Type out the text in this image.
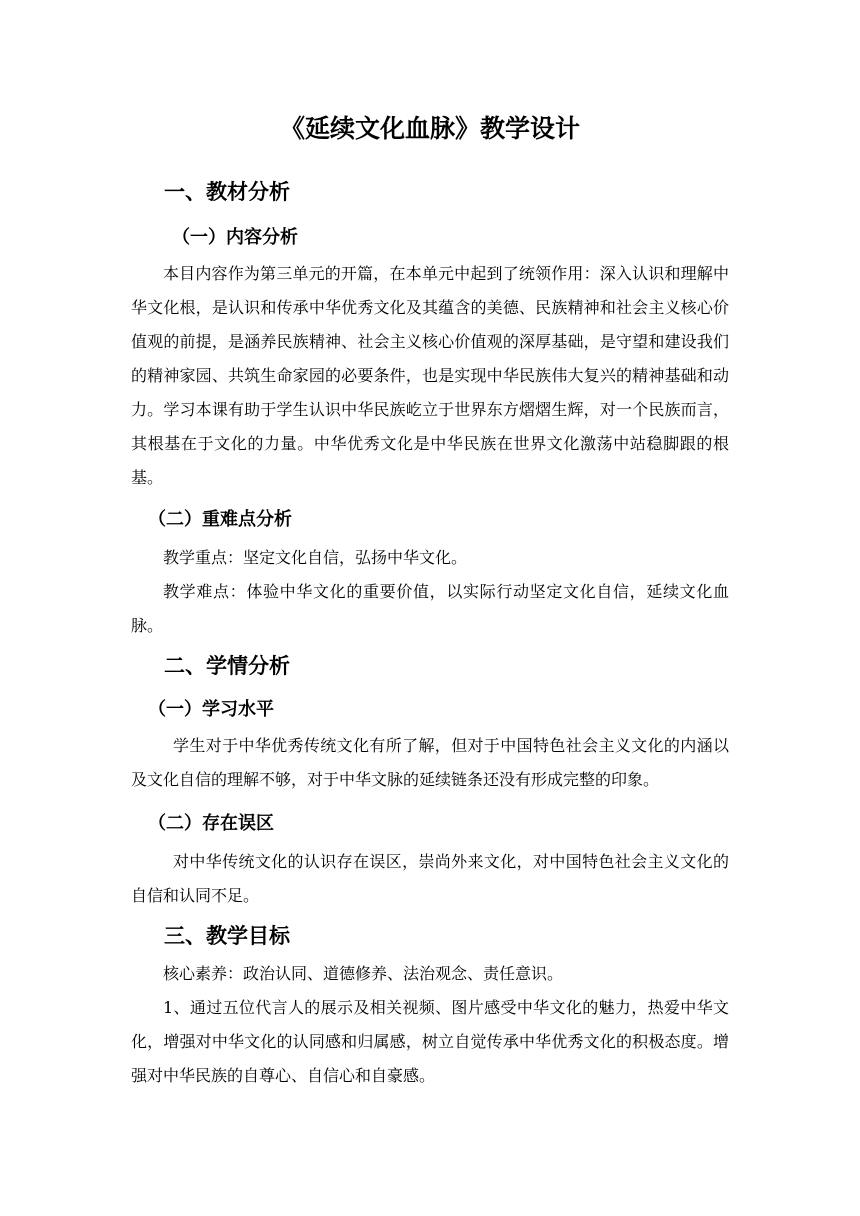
《延续文化血脉》教学设计
一、教材分析
（一）内容分析
本目内容作为第三单元的开篇，在本单元中起到了统领作用：深入认识和理解中华文化根，是认识和传承中华优秀文化及其蕴含的美德、民族精神和社会主义核心价值观的前提，是涵养民族精神、社会主义核心价值观的深厚基础，是守望和建设我们的精神家园、共筑生命家园的必要条件，也是实现中华民族伟大复兴的精神基础和动力。学习本课有助于学生认识中华民族屹立于世界东方熠熠生辉，对一个民族而言，其根基在于文化的力量。中华优秀文化是中华民族在世界文化激荡中站稳脚跟的根基。
（二）重难点分析
教学重点：坚定文化自信，弘扬中华文化。
教学难点：体验中华文化的重要价值，以实际行动坚定文化自信，延续文化血脉。
二、学情分析
（一）学习水平
学生对于中华优秀传统文化有所了解，但对于中国特色社会主义文化的内涵以及文化自信的理解不够，对于中华文脉的延续链条还没有形成完整的印象。
（二）存在误区
对中华传统文化的认识存在误区，崇尚外来文化，对中国特色社会主义文化的自信和认同不足。
三、教学目标
核心素养：政治认同、道德修养、法治观念、责任意识。
1、通过五位代言人的展示及相关视频、图片感受中华文化的魅力，热爱中华文化，增强对中华文化的认同感和归属感，树立自觉传承中华优秀文化的积极态度。增强对中华民族的自尊心、自信心和自豪感。
